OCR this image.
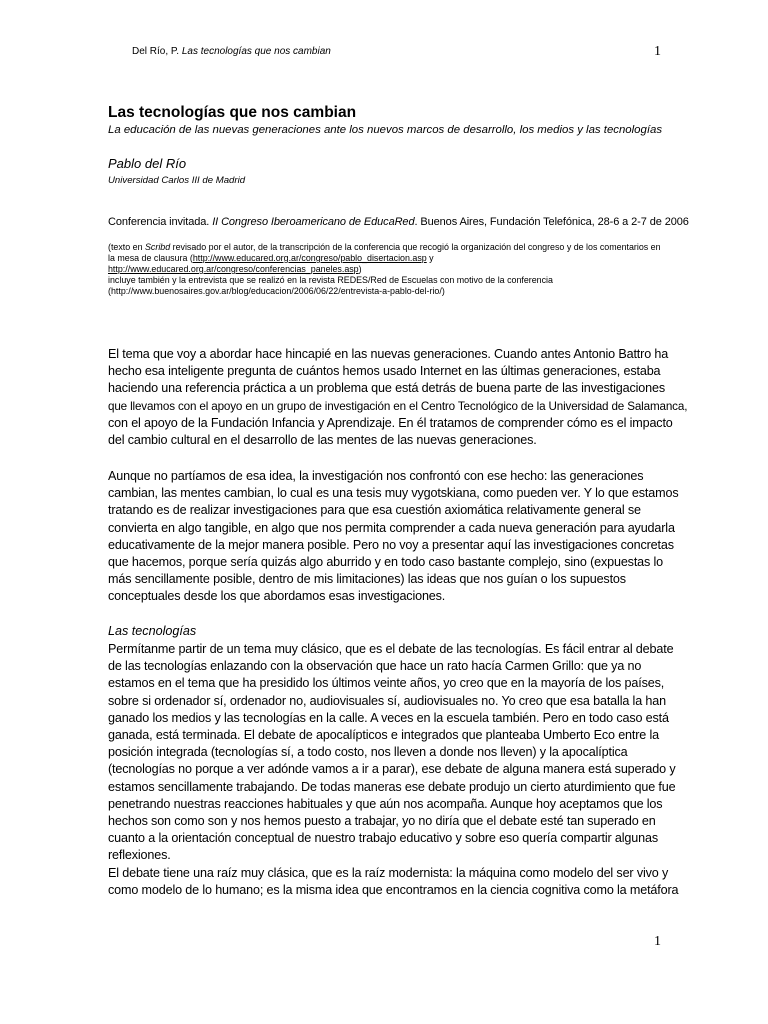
Del Río, P. Las tecnologías que nos cambian	1
Las tecnologías que nos cambian
La educación de las nuevas generaciones ante los nuevos marcos de desarrollo, los medios y las tecnologías
Pablo del Río
Universidad Carlos III de Madrid
Conferencia invitada. II Congreso Iberoamericano de EducaRed. Buenos Aires, Fundación Telefónica, 28-6 a 2-7 de 2006
(texto en Scribd revisado por el autor, de la transcripción de la conferencia que recogió la organización del congreso y de los comentarios en
la mesa de clausura (http://www.educared.org.ar/congreso/pablo_disertacion.asp y
http://www.educared.org.ar/congreso/conferencias_paneles.asp)
incluye también y la entrevista que se realizó en la revista REDES/Red de Escuelas con motivo de la conferencia
(http://www.buenosaires.gov.ar/blog/educacion/2006/06/22/entrevista-a-pablo-del-rio/)
El tema que voy a abordar hace hincapié en las nuevas generaciones. Cuando antes Antonio Battro ha
hecho esa inteligente pregunta de cuántos hemos usado Internet en las últimas generaciones, estaba
haciendo una referencia práctica a un problema que está detrás de buena parte de las investigaciones
que llevamos con el apoyo en un grupo de investigación en el Centro Tecnológico de la Universidad de Salamanca,
con el apoyo de la Fundación Infancia y Aprendizaje. En él tratamos de comprender cómo es el impacto
del cambio cultural en el desarrollo de las mentes de las nuevas generaciones.
Aunque no partíamos de esa idea, la investigación nos confrontó con ese hecho: las generaciones
cambian, las mentes cambian, lo cual es una tesis muy vygotskiana, como pueden ver. Y lo que estamos
tratando es de realizar investigaciones para que esa cuestión axiomática relativamente general se
convierta en algo tangible, en algo que nos permita comprender a cada nueva generación para ayudarla
educativamente de la mejor manera posible. Pero no voy a presentar aquí las investigaciones concretas
que hacemos, porque sería quizás algo aburrido y en todo caso bastante complejo, sino (expuestas lo
más sencillamente posible, dentro de mis limitaciones) las ideas que nos guían o los supuestos
conceptuales desde los que abordamos esas investigaciones.
Las tecnologías
Permítanme partir de un tema muy clásico, que es el debate de las tecnologías. Es fácil entrar al debate
de las tecnologías enlazando con la observación que hace un rato hacía Carmen Grillo: que ya no
estamos en el tema que ha presidido los últimos veinte años, yo creo que en la mayoría de los países,
sobre si ordenador sí, ordenador no, audiovisuales sí, audiovisuales no. Yo creo que esa batalla la han
ganado los medios y las tecnologías en la calle. A veces en la escuela también. Pero en todo caso está
ganada, está terminada. El debate de apocalípticos e integrados que planteaba Umberto Eco entre la
posición integrada (tecnologías sí, a todo costo, nos lleven a donde nos lleven) y la apocalíptica
(tecnologías no porque a ver adónde vamos a ir a parar), ese debate de alguna manera está superado y
estamos sencillamente trabajando. De todas maneras ese debate produjo un cierto aturdimiento que fue
penetrando nuestras reacciones habituales y que aún nos acompaña. Aunque hoy aceptamos que los
hechos son como son y nos hemos puesto a trabajar, yo no diría que el debate esté tan superado en
cuanto a la orientación conceptual de nuestro trabajo educativo y sobre eso quería compartir algunas
reflexiones.
El debate tiene una raíz muy clásica, que es la raíz modernista: la máquina como modelo del ser vivo y
como modelo de lo humano; es la misma idea que encontramos en la ciencia cognitiva como la metáfora
1
